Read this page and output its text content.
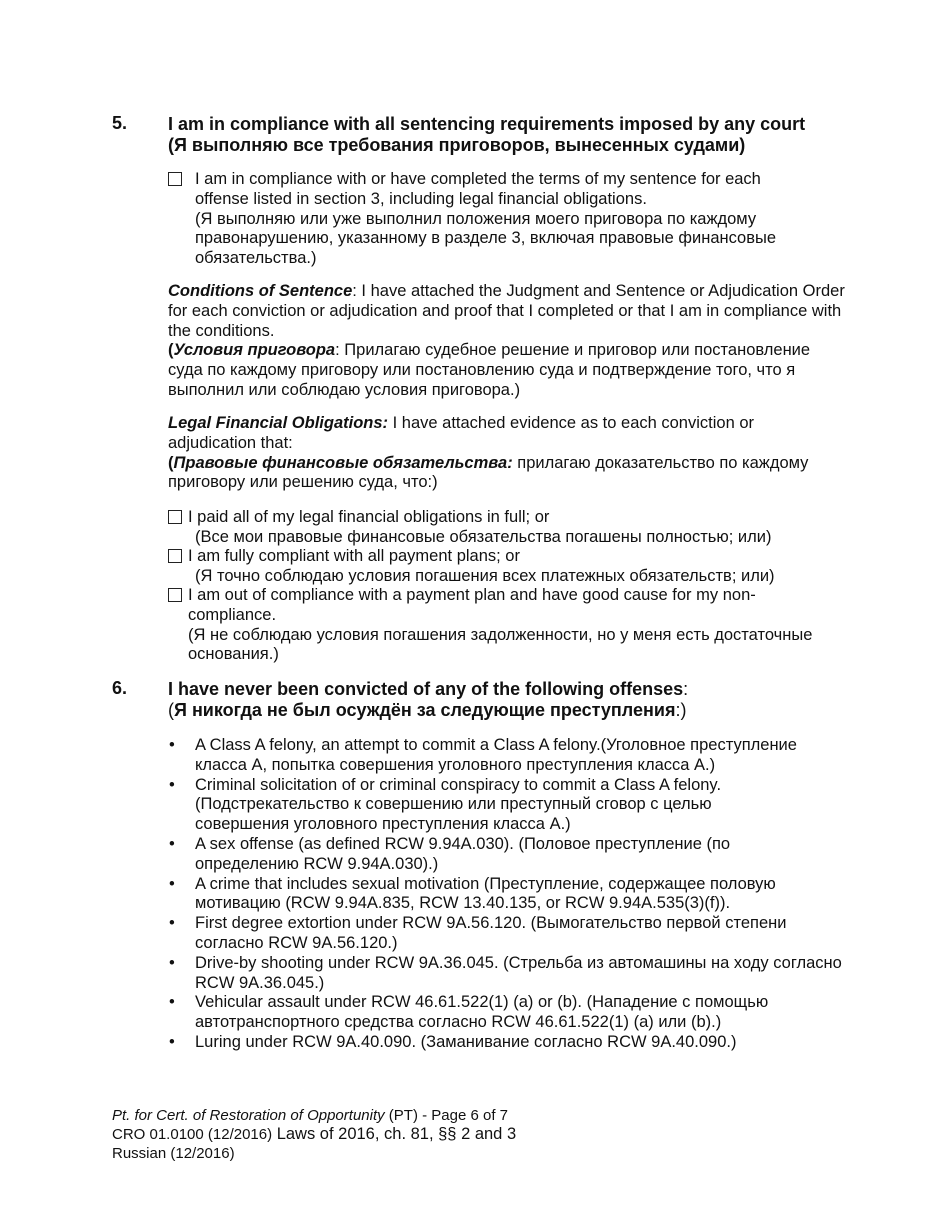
5. I am in compliance with all sentencing requirements imposed by any court
(Я выполняю все требования приговоров, вынесенных судами)
I am in compliance with or have completed the terms of my sentence for each
offense listed in section 3, including legal financial obligations.
(Я выполняю или уже выполнил положения моего приговора по каждому правонарушению, указанному в разделе 3, включая правовые финансовые обязательства.)

Conditions of Sentence: I have attached the Judgment and Sentence or Adjudication Order for each conviction or adjudication and proof that I completed or that I am in compliance with the conditions.

(Условия приговора: Прилагаю судебное решение и приговор или постановление суда по каждому приговору или постановлению суда и подтверждение того, что я выполнил или соблюдаю условия приговора.)

Legal Financial Obligations: I have attached evidence as to each conviction or adjudication that:

(Правовые финансовые обязательства: прилагаю доказательство по каждому приговору или решению суда, что:)

I paid all of my legal financial obligations in full; or
(Все мои правовые финансовые обязательства погашены полностью; или)
I am fully compliant with all payment plans; or
(Я точно соблюдаю условия погашения всех платежных обязательств; или)
I am out of compliance with a payment plan and have good cause for my non-
compliance.
(Я не соблюдаю условия погашения задолженности, но у меня есть достаточные основания.)
6. I have never been convicted of any of the following offenses:
(Я никогда не был осуждён за следующие преступления:)
• A Class A felony, an attempt to commit a Class A felony.(Уголовное преступление класса А, попытка совершения уголовного преступления класса А.)
• Criminal solicitation of or criminal conspiracy to commit a Class A felony.(Подстрекательство к совершению или преступный сговор с целью совершения уголовного преступления класса А.)
• A sex offense (as defined RCW 9.94A.030). (Половое преступление (по определению RCW 9.94A.030).)
• A crime that includes sexual motivation (Преступление, содержащее половую мотивацию (RCW 9.94A.835, RCW 13.40.135, or RCW 9.94A.535(3)(f)).
• First degree extortion under RCW 9A.56.120. (Вымогательство первой степени согласно RCW 9A.56.120.)
• Drive-by shooting under RCW 9A.36.045. (Стрельба из автомашины на ходу согласно RCW 9A.36.045.)
• Vehicular assault under RCW 46.61.522(1) (a) or (b). (Нападение с помощью автотранспортного средства согласно RCW 46.61.522(1) (a) или (b).)
• Luring under RCW 9A.40.090. (Заманивание согласно RCW 9A.40.090.)
Pt. for Cert. of Restoration of Opportunity (PT) - Page 6 of 7
CRO 01.0100 (12/2016) Laws of 2016, ch. 81, §§ 2 and 3
Russian (12/2016)
